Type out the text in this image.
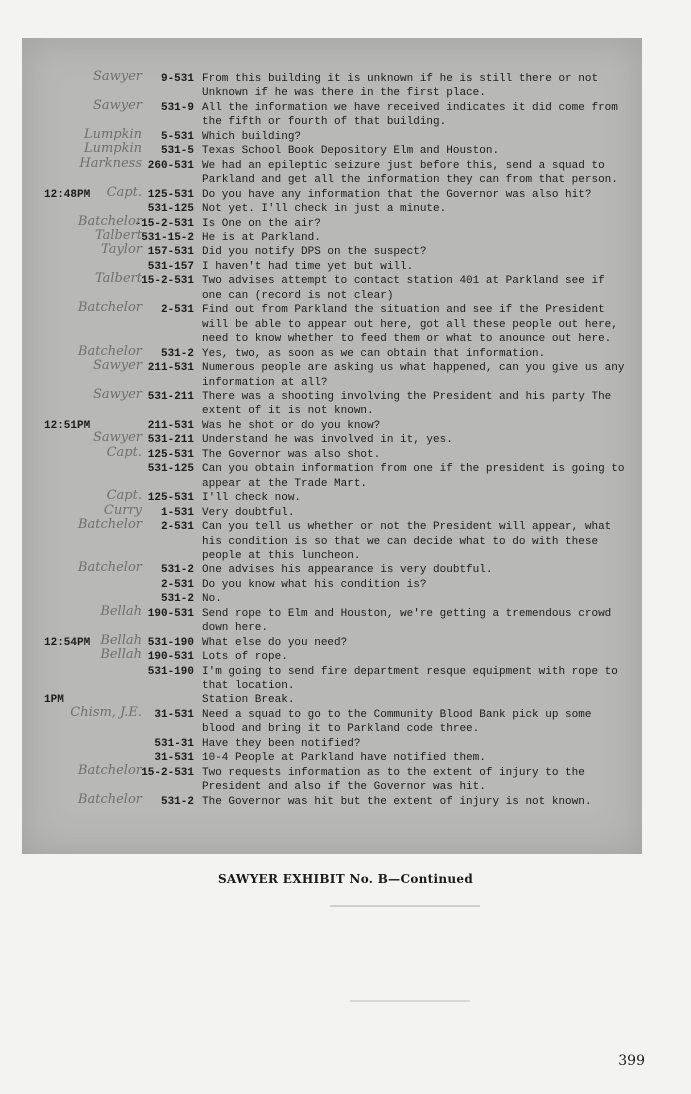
Sawyer 9-531 From this building it is unknown if he is still there or not Unknown if he was there in the first place.
Sawyer 531-9 All the information we have received indicates it did come from the fifth or fourth of that building.
Lumpkin 5-531 Which building?
Lumpkin 531-5 Texas School Book Depository Elm and Houston.
Harkness 260-531 We had an epileptic seizure just before this, send a squad to Parkland and get all the information they can from that person.
12:48PM Capt. 125-531 Do you have any information that the Governor was also hit?
531-125 Not yet. I'll check in just a minute.
Batchelor
-15-2-531 Is One on the air?
Talbert 531-15-2 He is at Parkland.
Taylor 157-531 Did you notify DPS on the suspect?
531-157 I haven't had time yet but will.
Talbert 15-2-531 Two advises attempt to contact station 401 at Parkland see if one can (record is not clear)
Batchelor 2-531 Find out from Parkland the situation and see if the President will be able to appear out here, got all these people out here, need to know whether to feed them or what to anounce out here.
Batchelor 531-2 Yes, two, as soon as we can obtain that information.
Sawyer 211-531 Numerous people are asking us what happened, can you give us any information at all?
Sawyer 531-211 There was a shooting involving the President and his party The extent of it is not known.
12:51PM	211-531 Was he shot or do you know?
Sawyer 531-211 Understand he was involved in it, yes.
Capt. 125-531 The Governor was also shot.
531-125 Can you obtain information from one if the president is going to appear at the Trade Mart.
Capt. 125-531 I'll check now.
Curry 1-531 Very doubtful.
Batchelor 2-531 Can you tell us whether or not the President will appear, what his condition is so that we can decide what to do with these people at this luncheon.
Batchelor 531-2 One advises his appearance is very doubtful.
2-531 Do you know what his condition is?
531-2 No.
Bellah 190-531 Send rope to Elm and Houston, we're getting a tremendous crowd down here.
12:54PM Bellah 531-190 What else do you need?
Bellah 190-531 Lots of rope.
531-190 I'm going to send fire department resque equipment with rope to that location.
1PM	Station Break.
Chism, J.E. 31-531 Need a squad to go to the Community Blood Bank pick up some blood and bring it to Parkland code three.
531-31 Have they been notified?
31-531 10-4 People at Parkland have notified them.
Batchelor 15-2-531 Two requests information as to the extent of injury to the President and also if the Governor was hit.
Batchelor 531-2 The Governor was hit but the extent of injury is not known.
SAWYER EXHIBIT No. B—Continued
399
